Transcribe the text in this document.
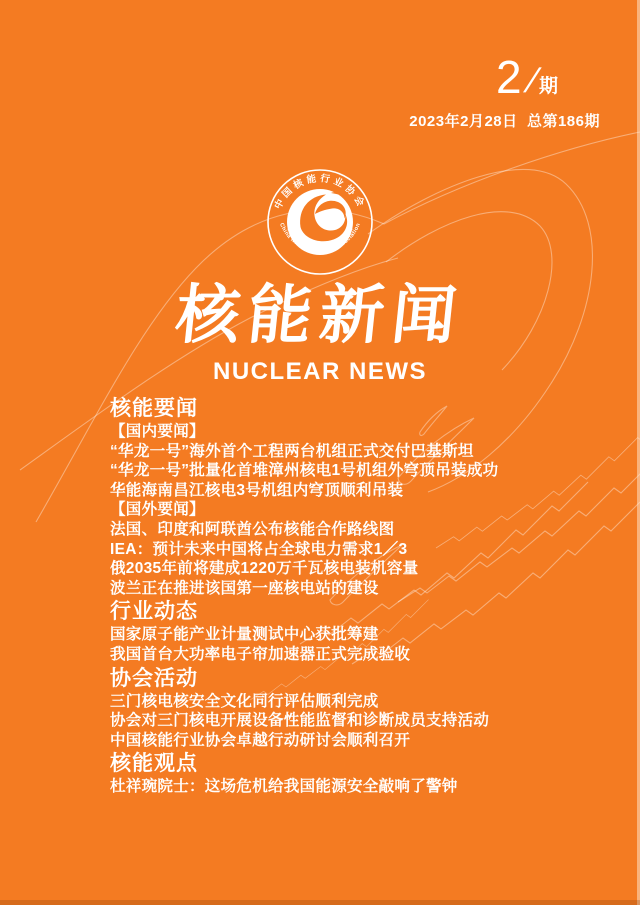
2 / 期
2023年2月28日  总第186期
中国核能行业协会
China Nuclear Energy Association
核能新闻
NUCLEAR NEWS
核能要闻
【国内要闻】
“华龙一号”海外首个工程两台机组正式交付巴基斯坦
“华龙一号”批量化首堆漳州核电1号机组外穹顶吊装成功
华能海南昌江核电3号机组内穹顶顺利吊装
【国外要闻】
法国、印度和阿联酋公布核能合作路线图
IEA：预计未来中国将占全球电力需求1／3
俄2035年前将建成1220万千瓦核电装机容量
波兰正在推进该国第一座核电站的建设
行业动态
国家原子能产业计量测试中心获批筹建
我国首台大功率电子帘加速器正式完成验收
协会活动
三门核电核安全文化同行评估顺利完成
协会对三门核电开展设备性能监督和诊断成员支持活动
中国核能行业协会卓越行动研讨会顺利召开
核能观点
杜祥琬院士：这场危机给我国能源安全敲响了警钟
